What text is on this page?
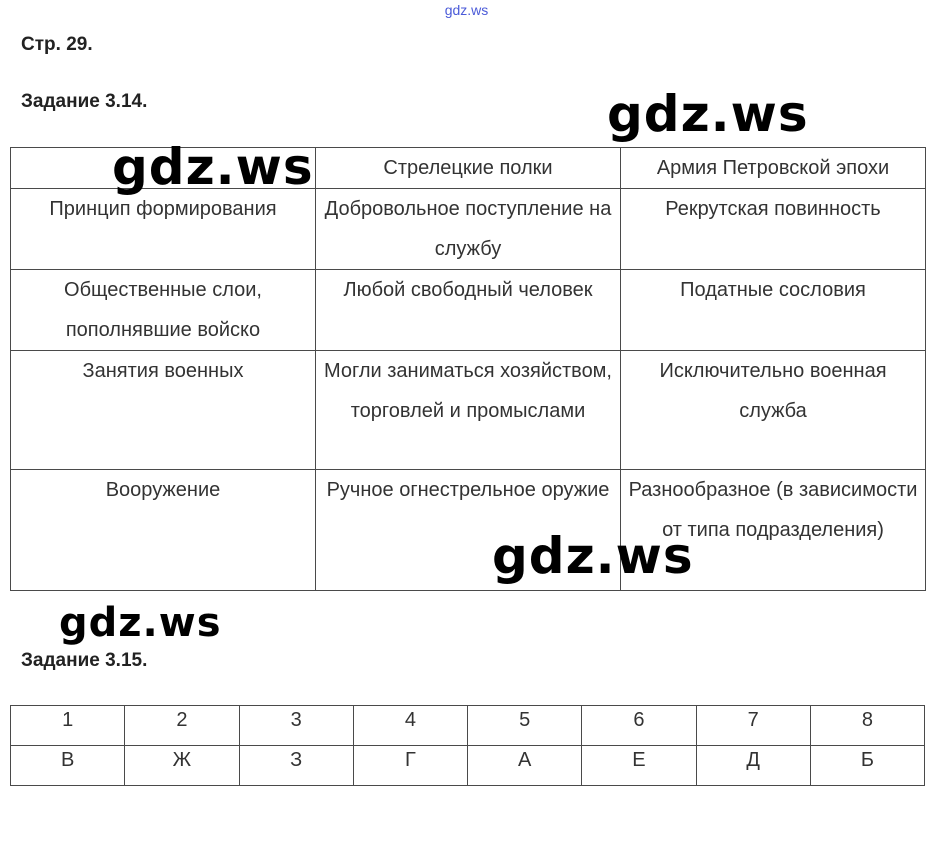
gdz.ws
Стр. 29.
Задание 3.14.
	Стрелецкие полки	Армия Петровской эпохи
Принцип формирования	Добровольное поступление на службу	Рекрутская повинность
Общественные слои, пополнявшие войско	Любой свободный человек	Податные сословия
Занятия военных	Могли заниматься хозяйством, торговлей и промыслами	Исключительно военная служба
Вооружение	Ручное огнестрельное оружие	Разнообразное (в зависимости от типа подразделения)
Задание 3.15.
1	2	3	4	5	6	7	8
В	Ж	З	Г	А	Е	Д	Б
gdz.ws
gdz.ws
gdz.ws
gdz.ws
